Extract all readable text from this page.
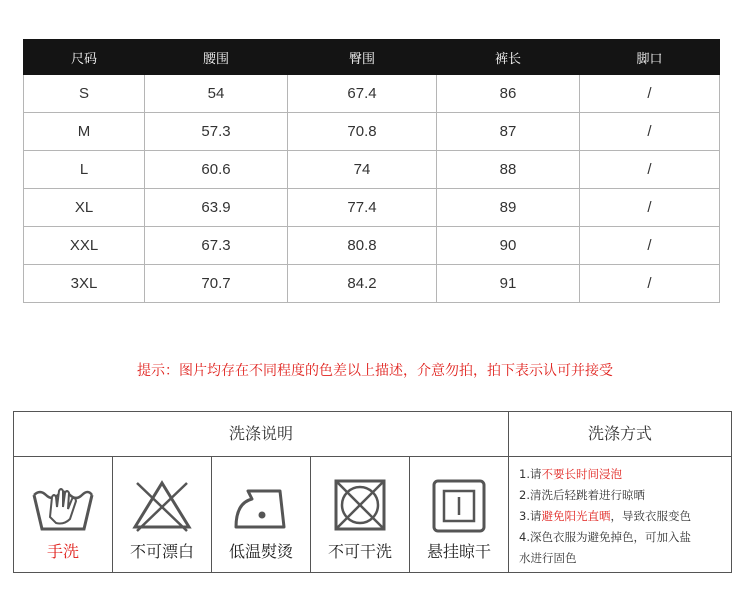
尺码	腰围	臀围	裤长	脚口
S	54	67.4	86	/
M	57.3	70.8	87	/
L	60.6	74	88	/
XL	63.9	77.4	89	/
XXL	67.3	80.8	90	/
3XL	70.7	84.2	91	/
提示：图片均存在不同程度的色差以上描述，介意勿拍，拍下表示认可并接受
洗涤说明	洗涤方式
手洗	不可漂白	低温熨烫	不可干洗	悬挂晾干
1.请不要长时间浸泡
2.清洗后轻跳着进行晾晒
3.请避免阳光直晒，导致衣服变色
4.深色衣服为避免掉色，可加入盐
水进行固色
